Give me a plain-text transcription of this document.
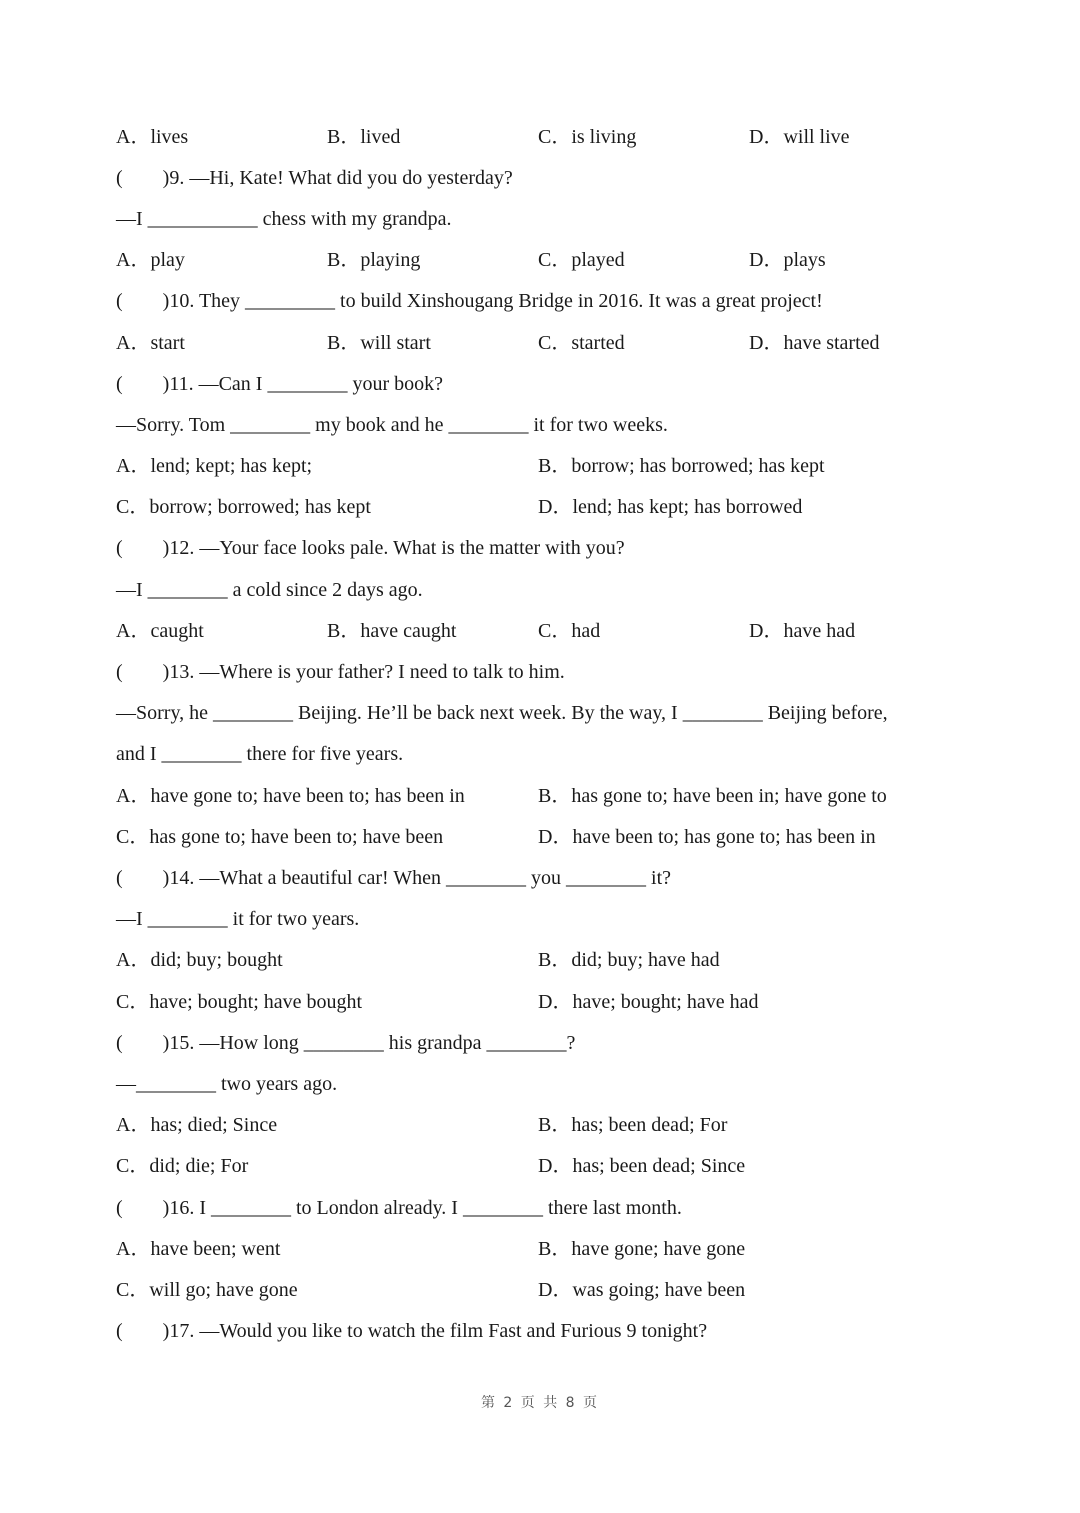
A．lives	B．lived	C．is living	D．will live
(　　)9. —Hi, Kate! What did you do yesterday?
—I ___________ chess with my grandpa.
A．play	B．playing	C．played	D．plays
(　　)10. They _________ to build Xinshougang Bridge in 2016. It was a great project!
A．start	B．will start	C．started	D．have started
(　　)11. —Can I ________ your book?
—Sorry. Tom ________ my book and he ________ it for two weeks.
A．lend; kept; has kept;	B．borrow; has borrowed; has kept
C．borrow; borrowed; has kept	D．lend; has kept; has borrowed
(　　)12. —Your face looks pale. What is the matter with you?
—I ________ a cold since 2 days ago.
A．caught	B．have caught	C．had	D．have had
(　　)13. —Where is your father? I need to talk to him.
—Sorry, he ________ Beijing. He’ll be back next week. By the way, I ________ Beijing before,
and I ________ there for five years.
A．have gone to; have been to; has been in	B．has gone to; have been in; have gone to
C．has gone to; have been to; have been	D．have been to; has gone to; has been in
(　　)14. —What a beautiful car! When ________ you ________ it?
—I ________ it for two years.
A．did; buy; bought	B．did; buy; have had
C．have; bought; have bought	D．have; bought; have had
(　　)15. —How long ________ his grandpa ________?
—________ two years ago.
A．has; died; Since	B．has; been dead; For
C．did; die; For	D．has; been dead; Since
(　　)16. I ________ to London already. I ________ there last month.
A．have been; went	B．have gone; have gone
C．will go; have gone	D．was going; have been
(　　)17. —Would you like to watch the film Fast and Furious 9 tonight?
第 2 页 共 8 页
